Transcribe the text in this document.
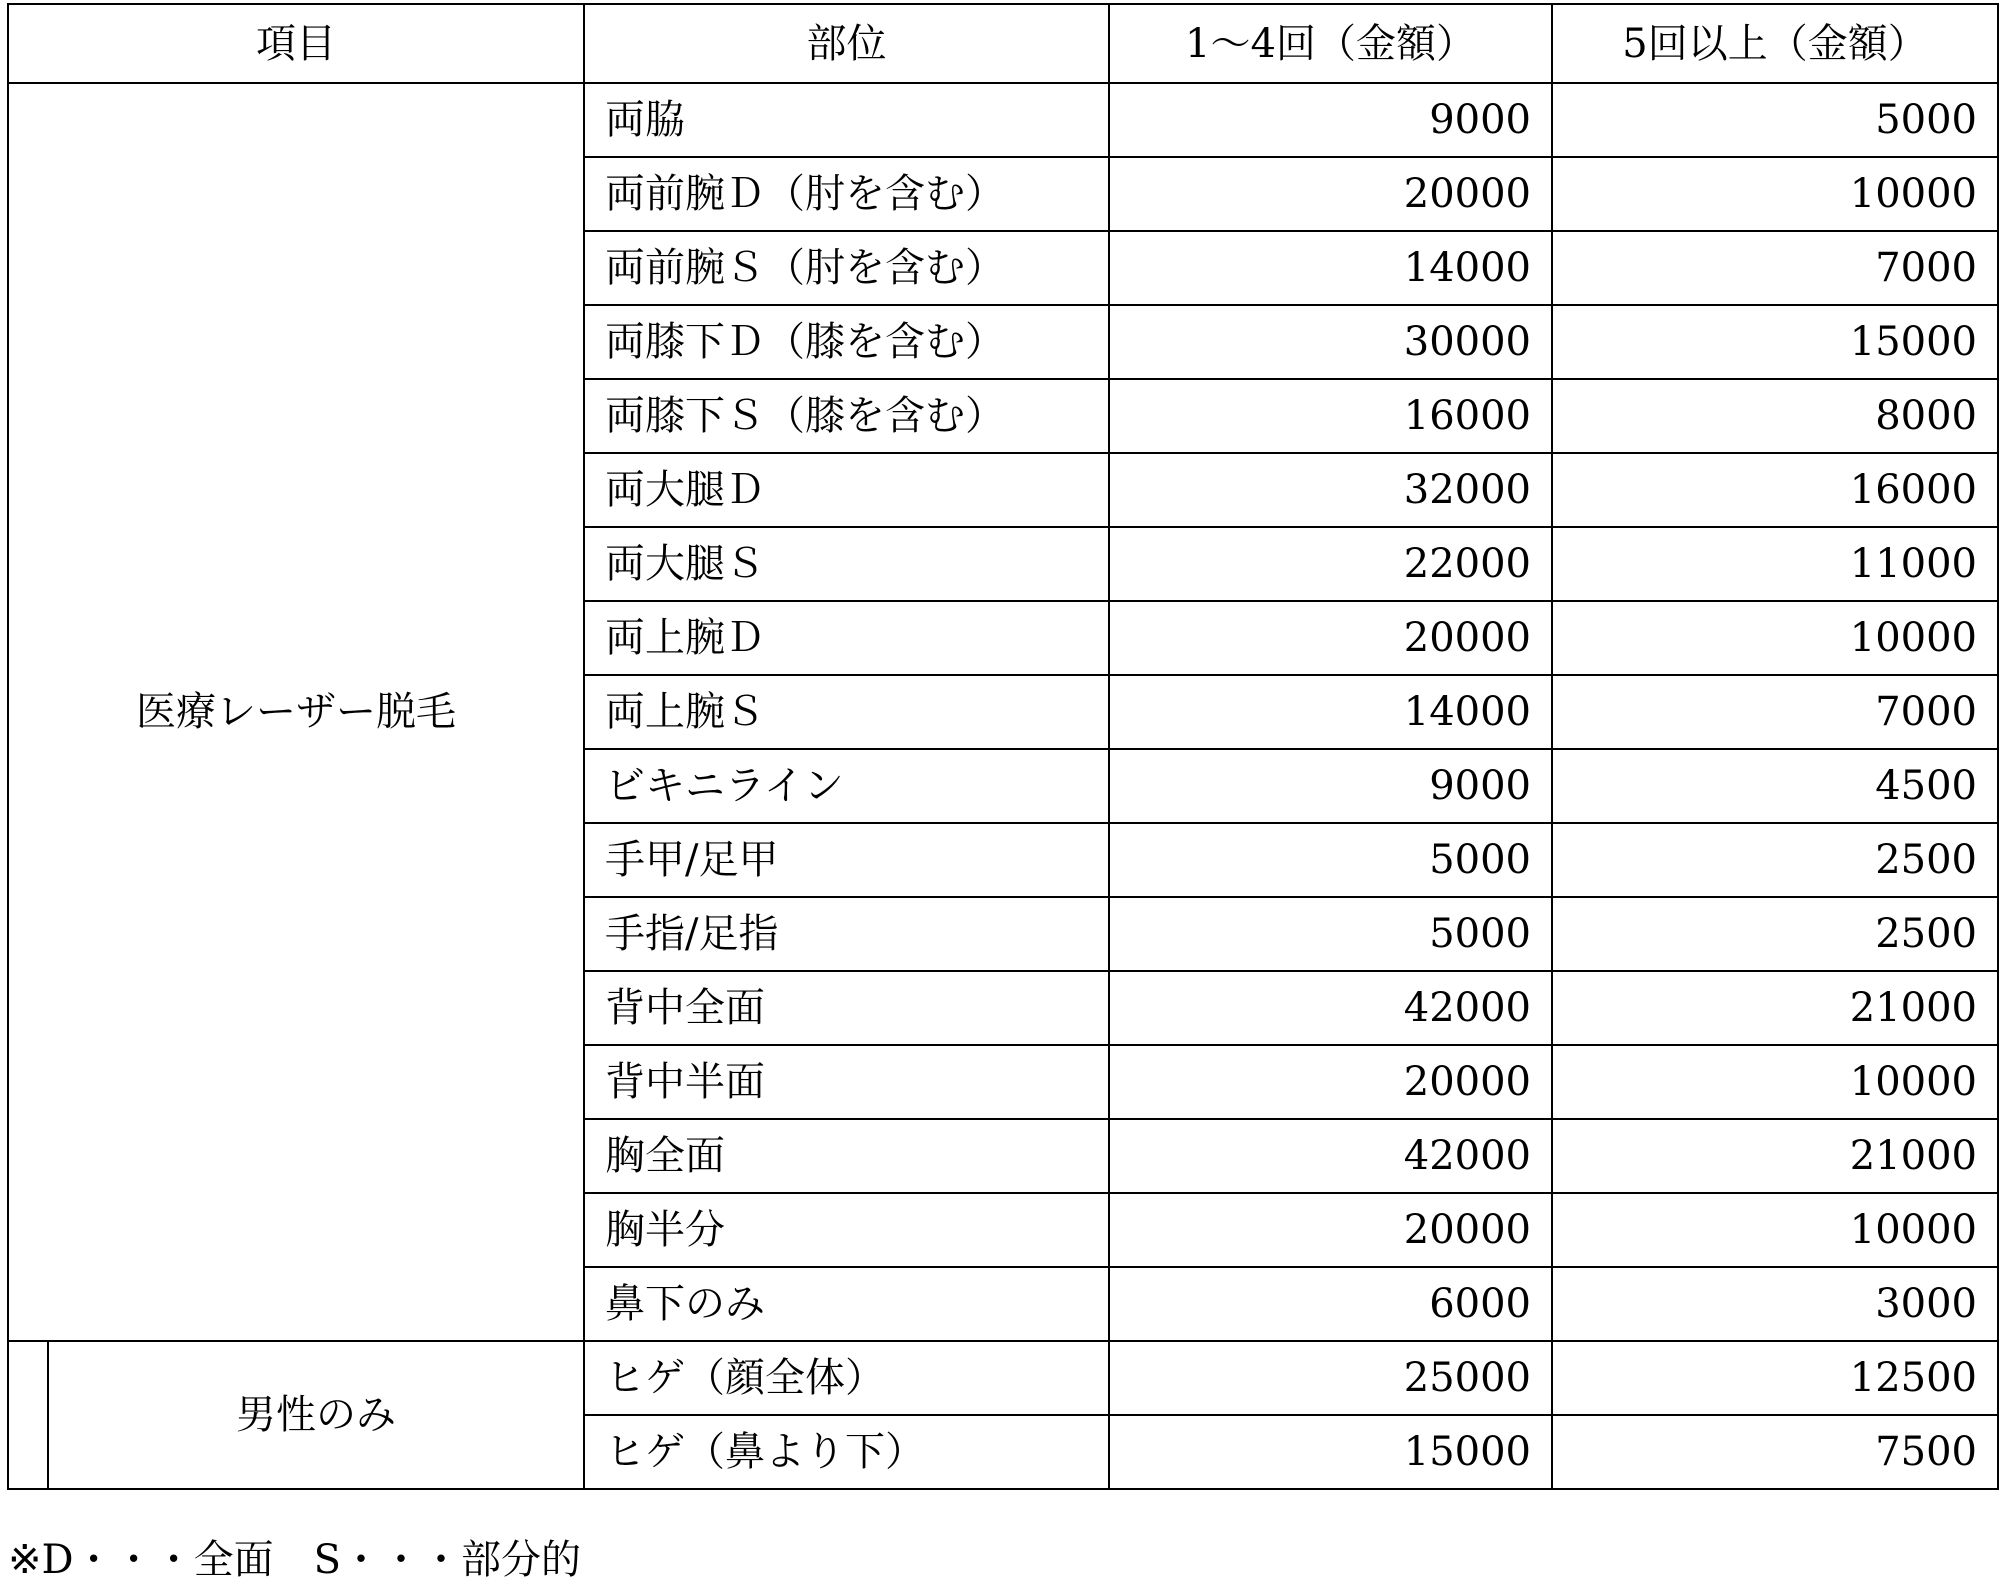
項目		部位	1～4回（金額）	5回以上（金額）
医療レーザー脱毛		両脇	9000	5000
		両前腕Ｄ（肘を含む）	20000	10000
		両前腕Ｓ（肘を含む）	14000	7000
		両膝下Ｄ（膝を含む）	30000	15000
		両膝下Ｓ（膝を含む）	16000	8000
		両大腿Ｄ	32000	16000
		両大腿Ｓ	22000	11000
		両上腕Ｄ	20000	10000
		両上腕Ｓ	14000	7000
		ビキニライン	9000	4500
		手甲/足甲	5000	2500
		手指/足指	5000	2500
		背中全面	42000	21000
		背中半面	20000	10000
		胸全面	42000	21000
		胸半分	20000	10000
		鼻下のみ	6000	3000
	男性のみ	ヒゲ（顔全体）	25000	12500
		ヒゲ（鼻より下）	15000	7500
※D・・・全面　S・・・部分的
